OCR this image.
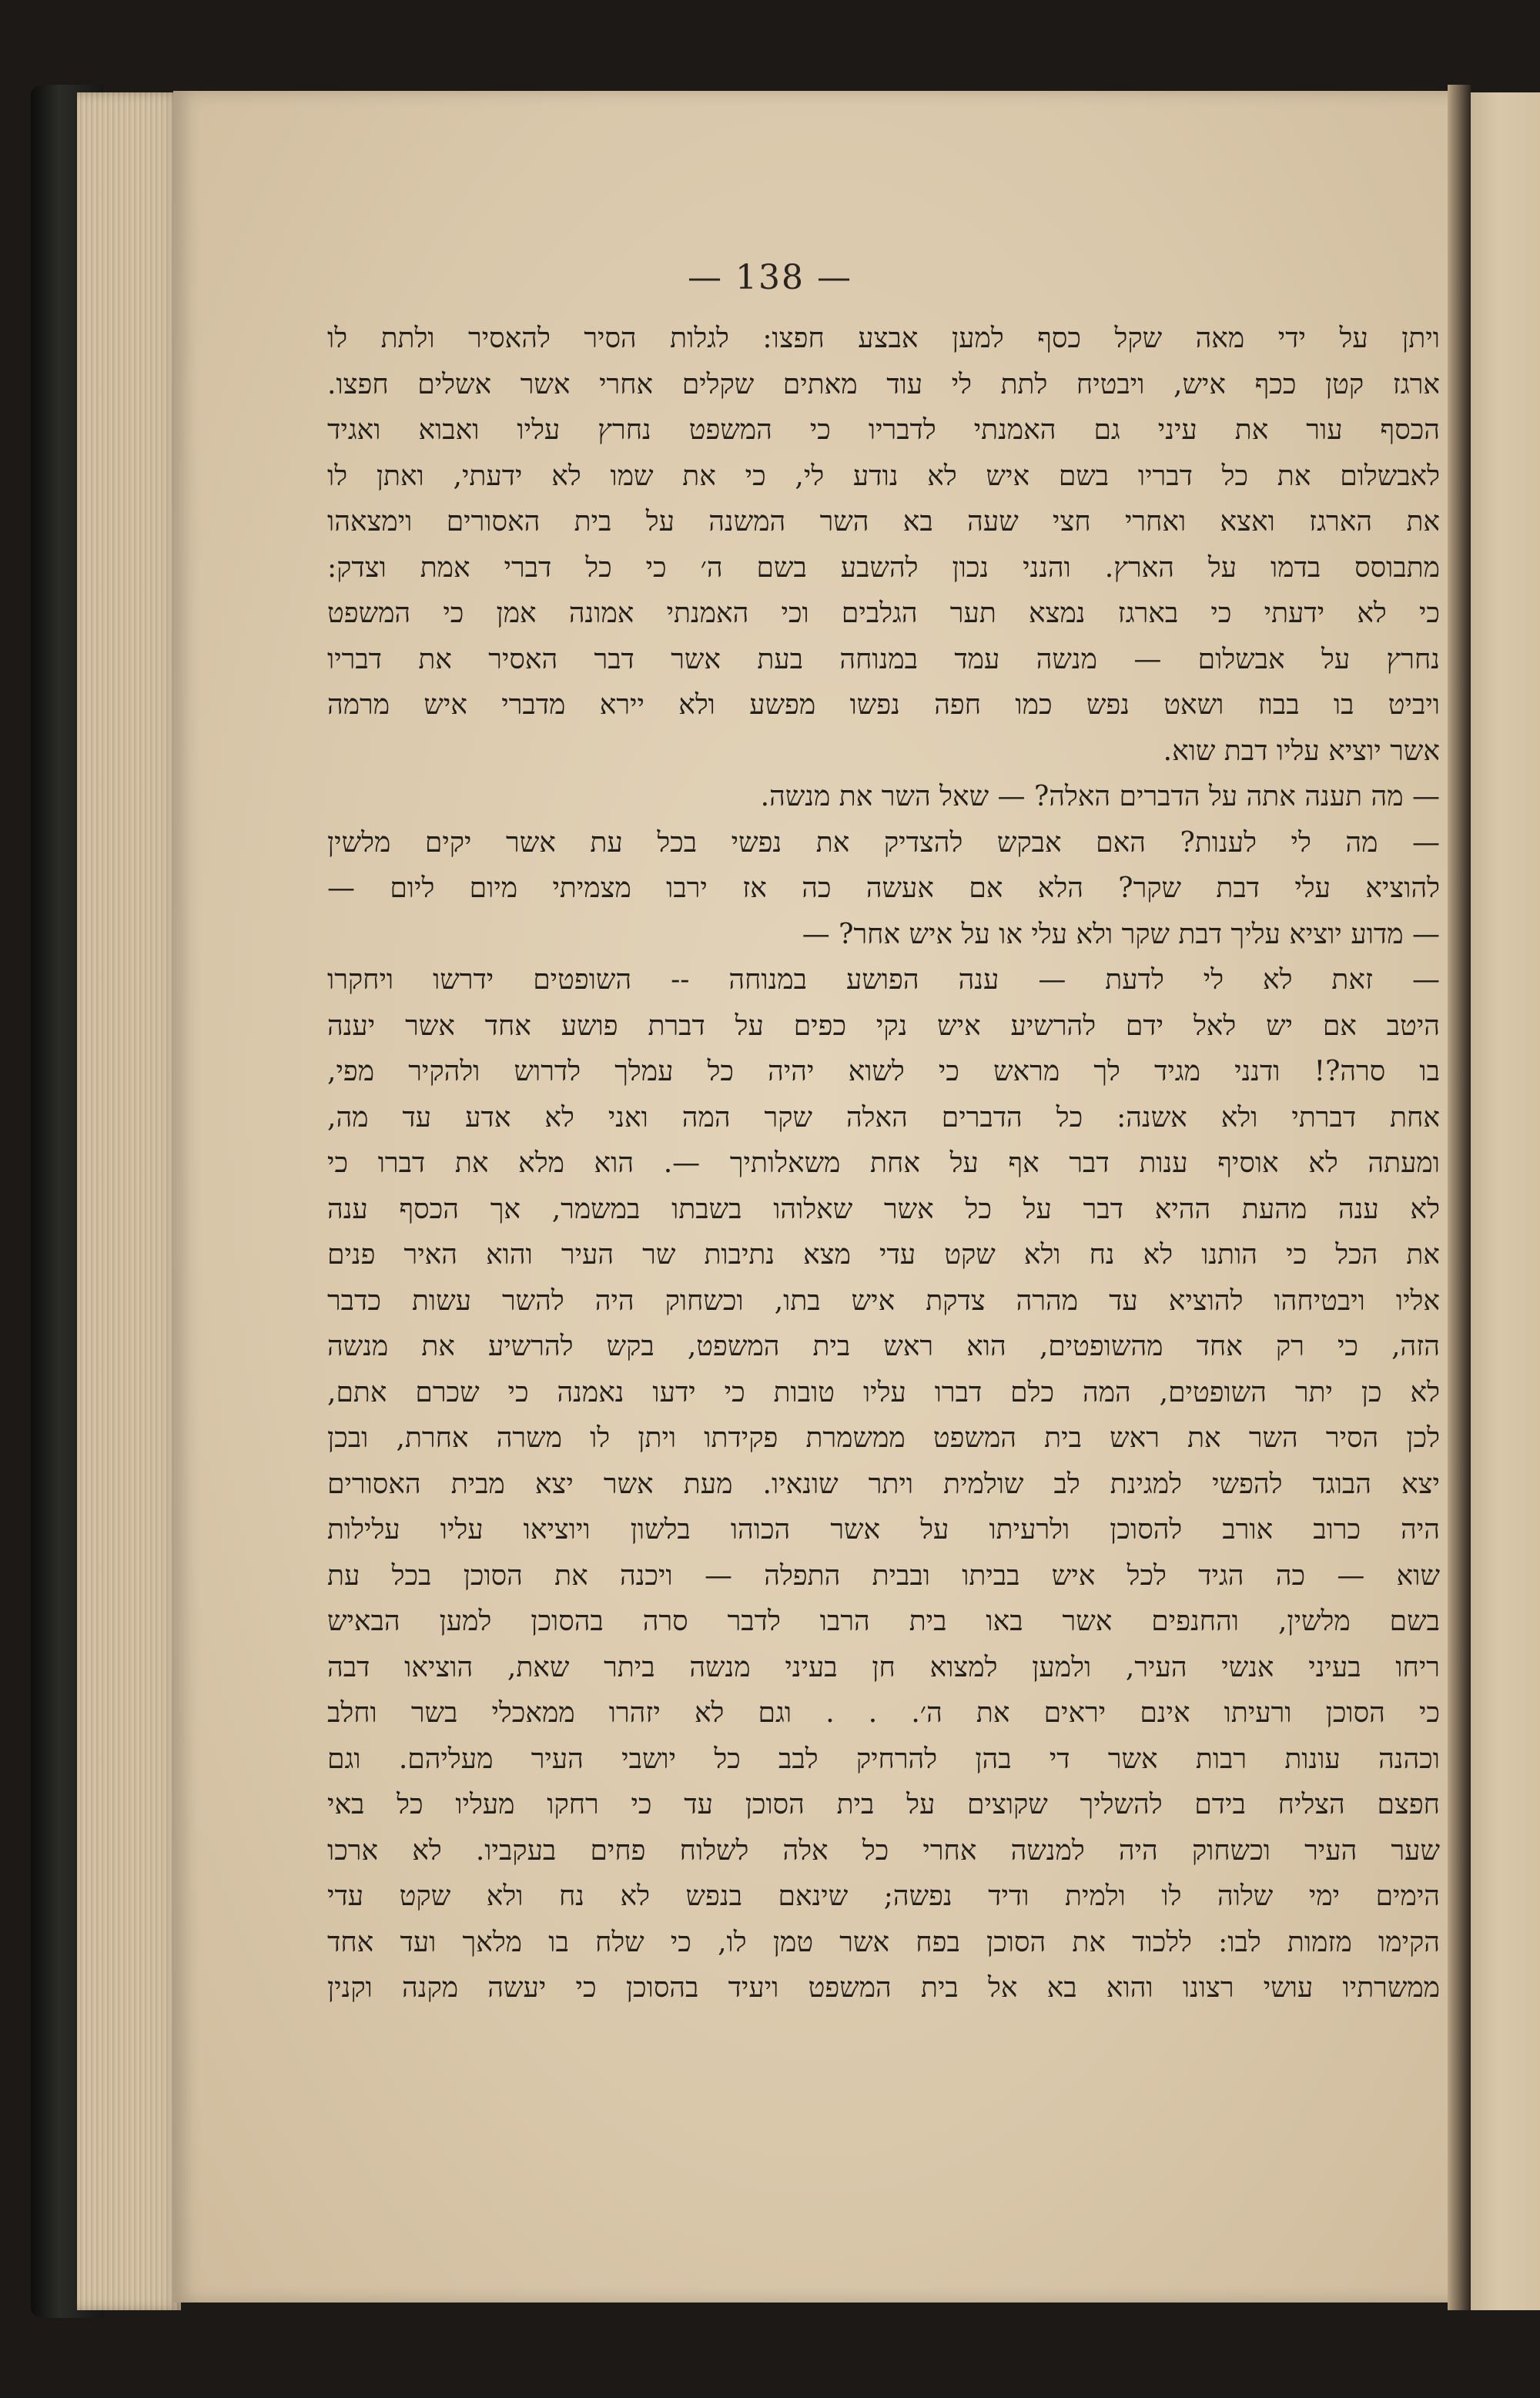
— 138 —
ויתן על ידי מאה שקל כסף למען אבצע חפצו: לגלות הסיר להאסיר ולתת לו
ארגז קטן ככף איש, ויבטיח לתת לי עוד מאתים שקלים אחרי אשר אשלים חפצו.
הכסף עור את עיני גם האמנתי לדבריו כי המשפט נחרץ עליו ואבוא ואגיד
לאבשלום את כל דבריו בשם איש לא נודע לי, כי את שמו לא ידעתי, ואתן לו
את הארגז ואצא ואחרי חצי שעה בא השר המשנה על בית האסורים וימצאהו
מתבוסס בדמו על הארץ. והנני נכון להשבע בשם ה׳ כי כל דברי אמת וצדק:
כי לא ידעתי כי בארגז נמצא תער הגלבים וכי האמנתי אמונה אמן כי המשפט
נחרץ על אבשלום — מנשה עמד במנוחה בעת אשר דבר האסיר את דבריו
ויביט בו בבוז ושאט נפש כמו חפה נפשו מפשע ולא יירא מדברי איש מרמה
אשר יוציא עליו דבת שוא.
— מה תענה אתה על הדברים האלה? — שאל השר את מנשה.
— מה לי לענות? האם אבקש להצדיק את נפשי בכל עת אשר יקים מלשין
להוציא עלי דבת שקר? הלא אם אעשה כה אז ירבו מצמיתי מיום ליום —
— מדוע יוציא עליך דבת שקר ולא עלי או על איש אחר? —
— זאת לא לי לדעת — ענה הפושע במנוחה -- השופטים ידרשו ויחקרו
היטב אם יש לאל ידם להרשיע איש נקי כפים על דברת פושע אחד אשר יענה
בו סרה?! ודנני מגיד לך מראש כי לשוא יהיה כל עמלך לדרוש ולהקיר מפי,
אחת דברתי ולא אשנה: כל הדברים האלה שקר המה ואני לא אדע עד מה,
ומעתה לא אוסיף ענות דבר אף על אחת משאלותיך —. הוא מלא את דברו כי
לא ענה מהעת ההיא דבר על כל אשר שאלוהו בשבתו במשמר, אך הכסף ענה
את הכל כי הותנו לא נח ולא שקט עדי מצא נתיבות שר העיר והוא האיר פנים
אליו ויבטיחהו להוציא עד מהרה צדקת איש בתו, וכשחוק היה להשר עשות כדבר
הזה, כי רק אחד מהשופטים, הוא ראש בית המשפט, בקש להרשיע את מנשה
לא כן יתר השופטים, המה כלם דברו עליו טובות כי ידעו נאמנה כי שכרם אתם,
לכן הסיר השר את ראש בית המשפט ממשמרת פקידתו ויתן לו משרה אחרת, ובכן
יצא הבוגד להפשי למגינת לב שולמית ויתר שונאיו. מעת אשר יצא מבית האסורים
היה כרוב אורב להסוכן ולרעיתו על אשר הכוהו בלשון ויוציאו עליו עלילות
שוא — כה הגיד לכל איש בביתו ובבית התפלה — ויכנה את הסוכן בכל עת
בשם מלשין, והחנפים אשר באו בית הרבו לדבר סרה בהסוכן למען הבאיש
ריחו בעיני אנשי העיר, ולמען למצוא חן בעיני מנשה ביתר שאת, הוציאו דבה
כי הסוכן ורעיתו אינם יראים את ה׳. . . וגם לא יזהרו ממאכלי בשר וחלב
וכהנה עונות רבות אשר די בהן להרחיק לבב כל יושבי העיר מעליהם. וגם
חפצם הצליח בידם להשליך שקוצים על בית הסוכן עד כי רחקו מעליו כל באי
שער העיר וכשחוק היה למנשה אחרי כל אלה לשלוח פחים בעקביו. לא ארכו
הימים ימי שלוה לו ולמית ודיד נפשה; שינאם בנפש לא נח ולא שקט עדי
הקימו מזמות לבו: ללכוד את הסוכן בפח אשר טמן לו, כי שלח בו מלאך ועד אחד
ממשרתיו עושי רצונו והוא בא אל בית המשפט ויעיד בהסוכן כי יעשה מקנה וקנין
